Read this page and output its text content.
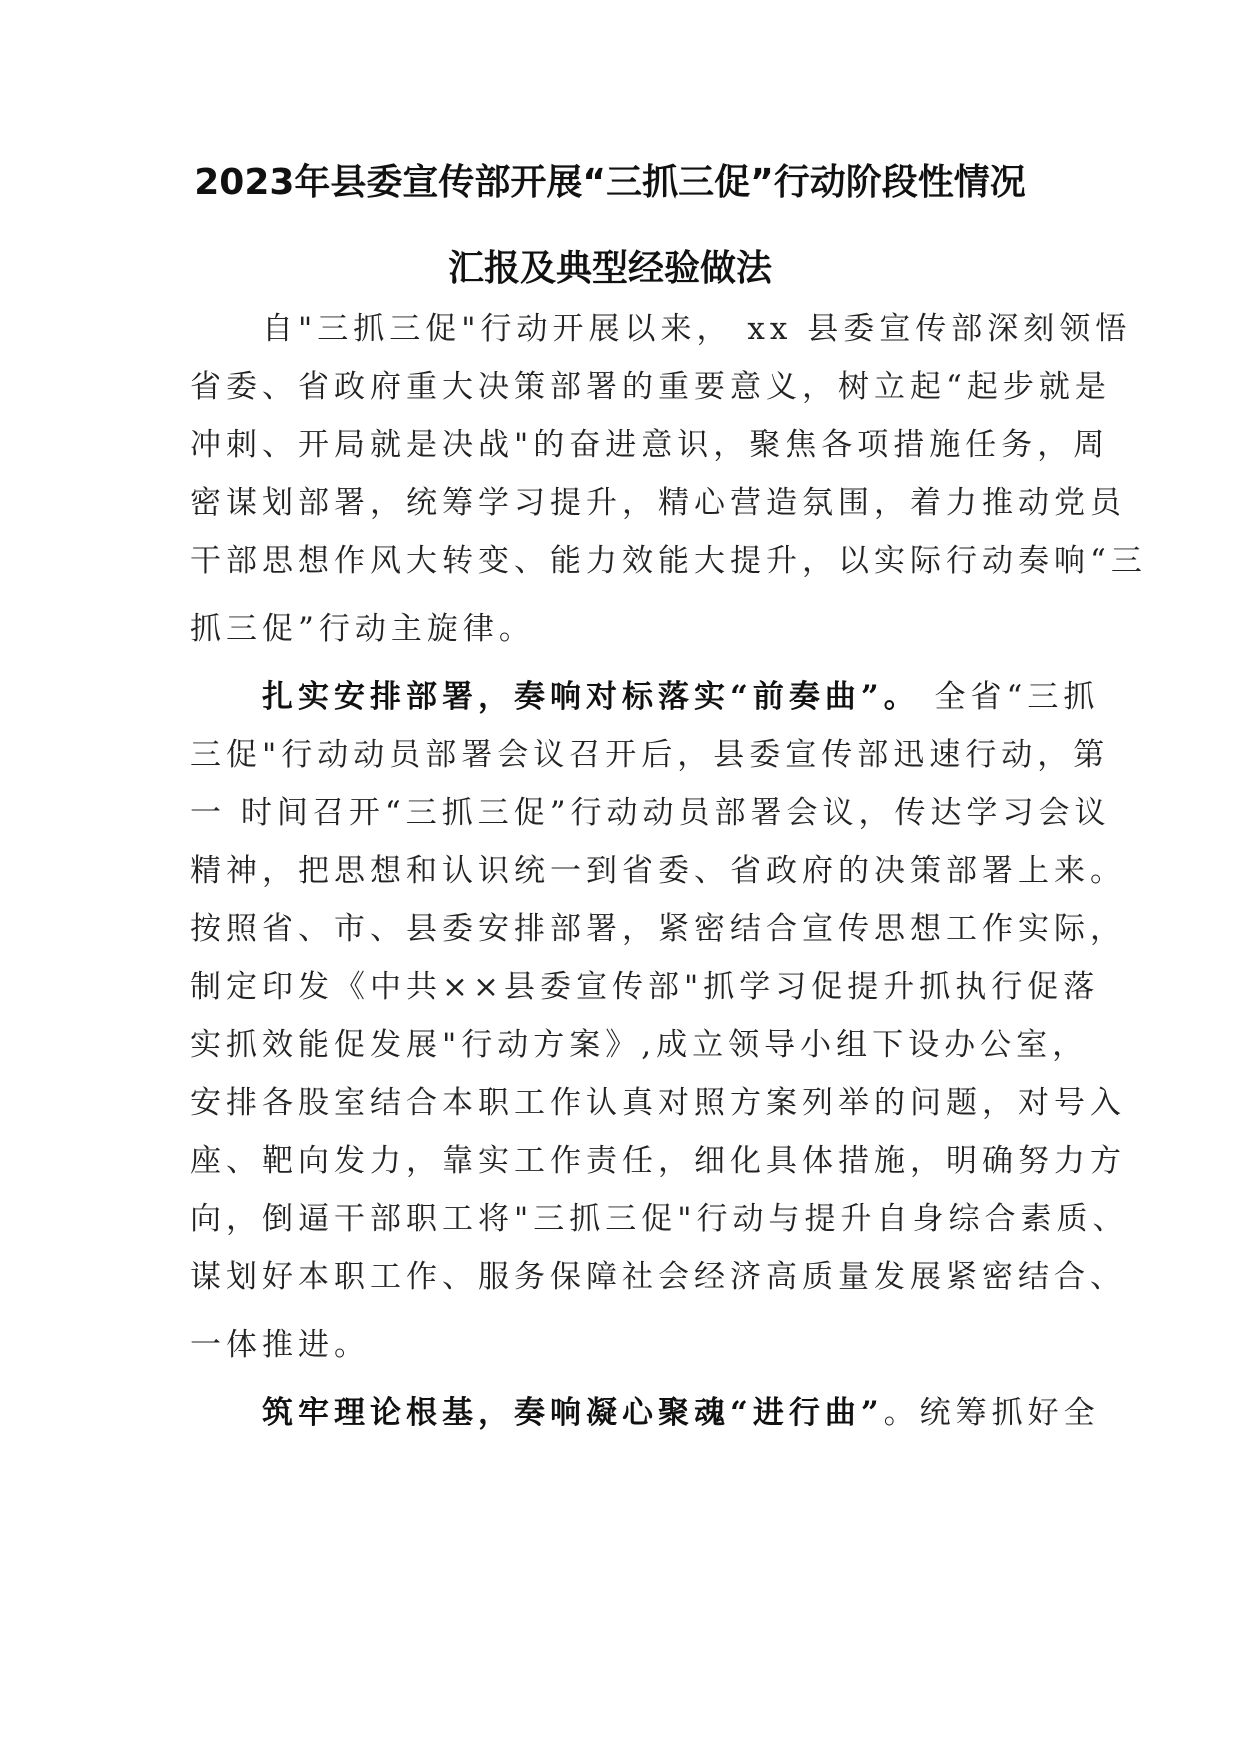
2023年县委宣传部开展“三抓三促”行动阶段性情况
汇报及典型经验做法

自"三抓三促"行动开展以来， xx 县委宣传部深刻领悟

省委、省政府重大决策部署的重要意义，树立起“起步就是

冲刺、开局就是决战"的奋进意识，聚焦各项措施任务，周

密谋划部署，统筹学习提升，精心营造氛围，着力推动党员

干部思想作风大转变、能力效能大提升，以实际行动奏响“三

抓三促”行动主旋律。

扎实安排部署，奏响对标落实“前奏曲”。 全省“三抓

三促"行动动员部署会议召开后，县委宣传部迅速行动，第

一 时间召开“三抓三促”行动动员部署会议，传达学习会议

精神，把思想和认识统一到省委、省政府的决策部署上来。

按照省、市、县委安排部署，紧密结合宣传思想工作实际，

制定印发《中共××县委宣传部"抓学习促提升抓执行促落

实抓效能促发展"行动方案》,成立领导小组下设办公室，

安排各股室结合本职工作认真对照方案列举的问题，对号入

座、靶向发力，靠实工作责任，细化具体措施，明确努力方

向，倒逼干部职工将"三抓三促"行动与提升自身综合素质、

谋划好本职工作、服务保障社会经济高质量发展紧密结合、

一体推进。

筑牢理论根基，奏响凝心聚魂“进行曲”。统筹抓好全
